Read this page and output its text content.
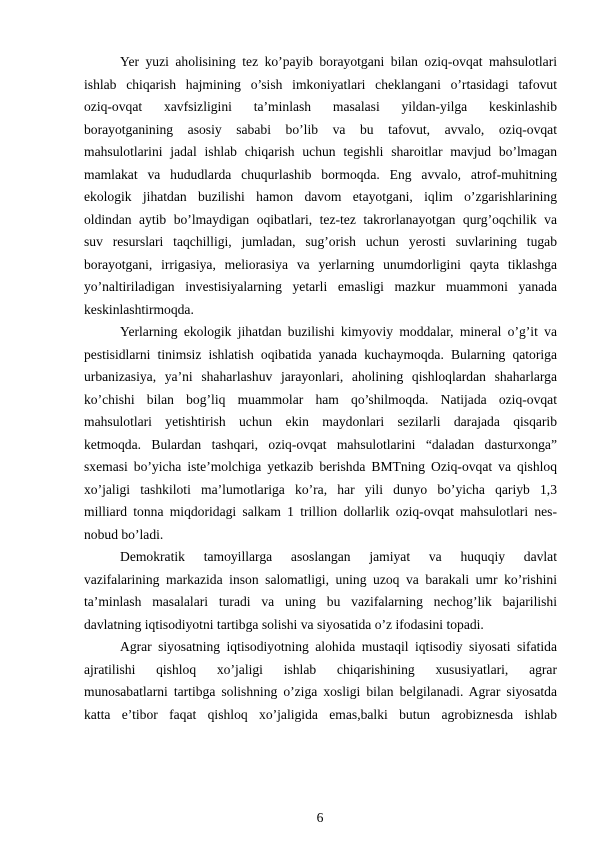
Yer yuzi aholisining tez ko’payib borayotgani bilan oziq-ovqat mahsulotlari
ishlab chiqarish hajmining o’sish imkoniyatlari cheklangani o’rtasidagi tafovut
oziq-ovqat xavfsizligini ta’minlash masalasi yildan-yilga keskinlashib
borayotganining asosiy sababi bo’lib va bu tafovut, avvalo, oziq-ovqat
mahsulotlarini jadal ishlab chiqarish uchun tegishli sharoitlar mavjud bo’lmagan
mamlakat va hududlarda chuqurlashib bormoqda. Eng avvalo, atrof-muhitning
ekologik jihatdan buzilishi hamon davom etayotgani, iqlim o’zgarishlarining
oldindan aytib bo’lmaydigan oqibatlari, tez-tez takrorlanayotgan qurg’oqchilik va
suv resurslari taqchilligi, jumladan, sug’orish uchun yerosti suvlarining tugab
borayotgani, irrigasiya, meliorasiya va yerlarning unumdorligini qayta tiklashga
yo’naltiriladigan investisiyalarning yetarli emasligi mazkur muammoni yanada
keskinlashtirmoqda.
Yerlarning ekologik jihatdan buzilishi kimyoviy moddalar, mineral o’g’it va
pestisidlarni tinimsiz ishlatish oqibatida yanada kuchaymoqda. Bularning qatoriga
urbanizasiya, ya’ni shaharlashuv jarayonlari, aholining qishloqlardan shaharlarga
ko’chishi bilan bog’liq muammolar ham qo’shilmoqda. Natijada oziq-ovqat
mahsulotlari yetishtirish uchun ekin maydonlari sezilarli darajada qisqarib
ketmoqda. Bulardan tashqari, oziq-ovqat mahsulotlarini “daladan dasturxonga”
sxemasi bo’yicha iste’molchiga yetkazib berishda BMTning Oziq-ovqat va qishloq
xo’jaligi tashkiloti ma’lumotlariga ko’ra, har yili dunyo bo’yicha qariyb 1,3
milliard tonna miqdoridagi salkam 1 trillion dollarlik oziq-ovqat mahsulotlari nes-
nobud bo’ladi.
Demokratik tamoyillarga asoslangan jamiyat va huquqiy davlat
vazifalarining markazida inson salomatligi, uning uzoq va barakali umr ko’rishini
ta’minlash masalalari turadi va uning bu vazifalarning nechog’lik bajarilishi
davlatning iqtisodiyotni tartibga solishi va siyosatida o’z ifodasini topadi.
Agrar siyosatning iqtisodiyotning alohida mustaqil iqtisodiy siyosati sifatida
ajratilishi qishloq xo’jaligi ishlab chiqarishining xususiyatlari, agrar
munosabatlarni tartibga solishning o’ziga xosligi bilan belgilanadi. Agrar siyosatda
katta e’tibor faqat qishloq xo’jaligida emas,balki butun agrobiznesda ishlab
6
